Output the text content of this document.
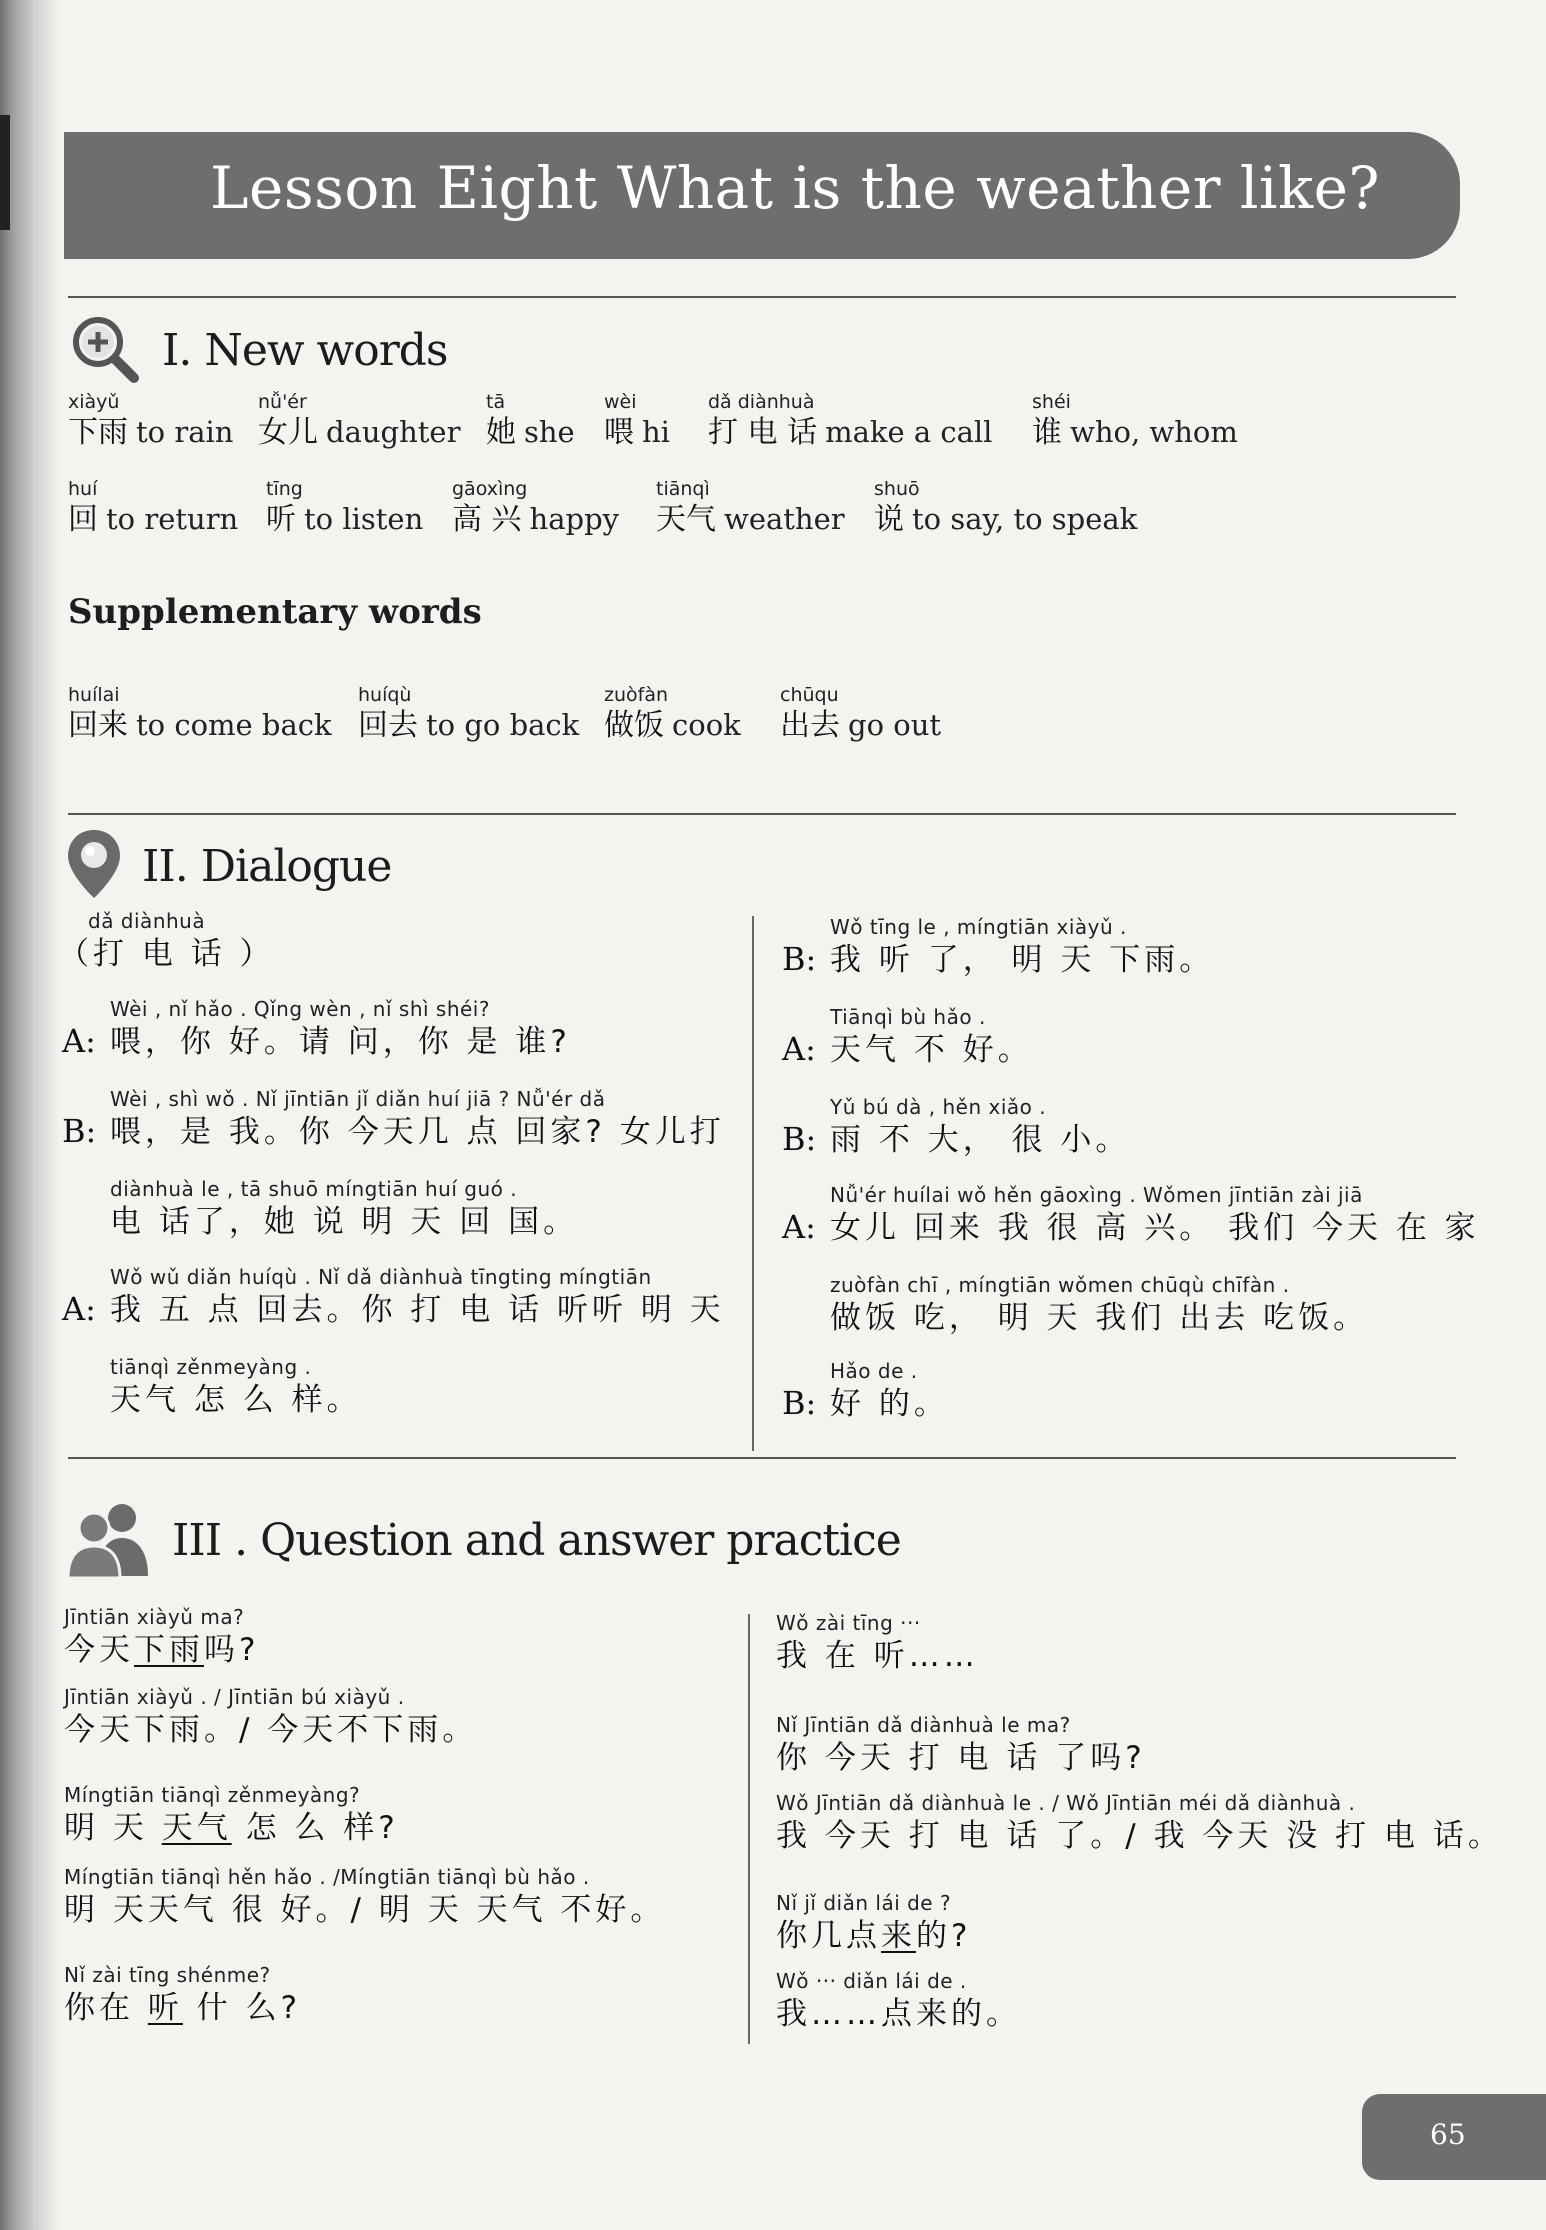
Lesson Eight What is the weather like?
I. New words
xiàyǔ
下雨 to rain
nǚ'ér
女儿 daughter
tā
她 she
wèi
喂 hi
dǎ diànhuà
打 电 话 make a call
shéi
谁 who, whom
huí
回 to return
tīng
听 to listen
gāoxìng
高 兴 happy
tiānqì
天气 weather
shuō
说 to say, to speak
Supplementary words
huílai
回来 to come back
huíqù
回去 to go back
zuòfàn
做饭 cook
chūqu
出去 go out
II. Dialogue
dǎ diànhuà
（打 电 话 ）
A:
Wèi , nǐ hǎo . Qǐng wèn , nǐ shì shéi?
喂，你 好。请 问，你 是 谁?
B:
Wèi , shì wǒ . Nǐ jīntiān jǐ diǎn huí jiā ? Nǚ'ér dǎ
喂，是 我。你 今天几 点 回家? 女儿打
diànhuà le , tā shuō míngtiān huí guó .
电 话了，她 说 明 天 回 国。
A:
Wǒ wǔ diǎn huíqù . Nǐ dǎ diànhuà tīngting míngtiān
我 五 点 回去。你 打 电 话 听听 明 天
tiānqì zěnmeyàng .
天气 怎 么 样。
B:
Wǒ tīng le , míngtiān xiàyǔ .
我 听 了， 明 天 下雨。
A:
Tiānqì bù hǎo .
天气 不 好。
B:
Yǔ bú dà , hěn xiǎo .
雨 不 大， 很 小。
A:
Nǚ'ér huílai wǒ hěn gāoxìng . Wǒmen jīntiān zài jiā
女儿 回来 我 很 高 兴。 我们 今天 在 家
zuòfàn chī , míngtiān wǒmen chūqù chīfàn .
做饭 吃， 明 天 我们 出去 吃饭。
B:
Hǎo de .
好 的。
III . Question and answer practice
Jīntiān xiàyǔ ma?
今天下雨吗?
Jīntiān xiàyǔ . / Jīntiān bú xiàyǔ .
今天下雨。/ 今天不下雨。
Míngtiān tiānqì zěnmeyàng?
明 天 天气 怎 么 样?
Míngtiān tiānqì hěn hǎo . /Míngtiān tiānqì bù hǎo .
明 天天气 很 好。/ 明 天 天气 不好。
Nǐ zài tīng shénme?
你在 听 什 么?
Wǒ zài tīng ···
我 在 听……
Nǐ Jīntiān dǎ diànhuà le ma?
你 今天 打 电 话 了吗?
Wǒ Jīntiān dǎ diànhuà le . / Wǒ Jīntiān méi dǎ diànhuà .
我 今天 打 电 话 了。/ 我 今天 没 打 电 话。
Nǐ jǐ diǎn lái de ?
你几点来的?
Wǒ ··· diǎn lái de .
我……点来的。
65
